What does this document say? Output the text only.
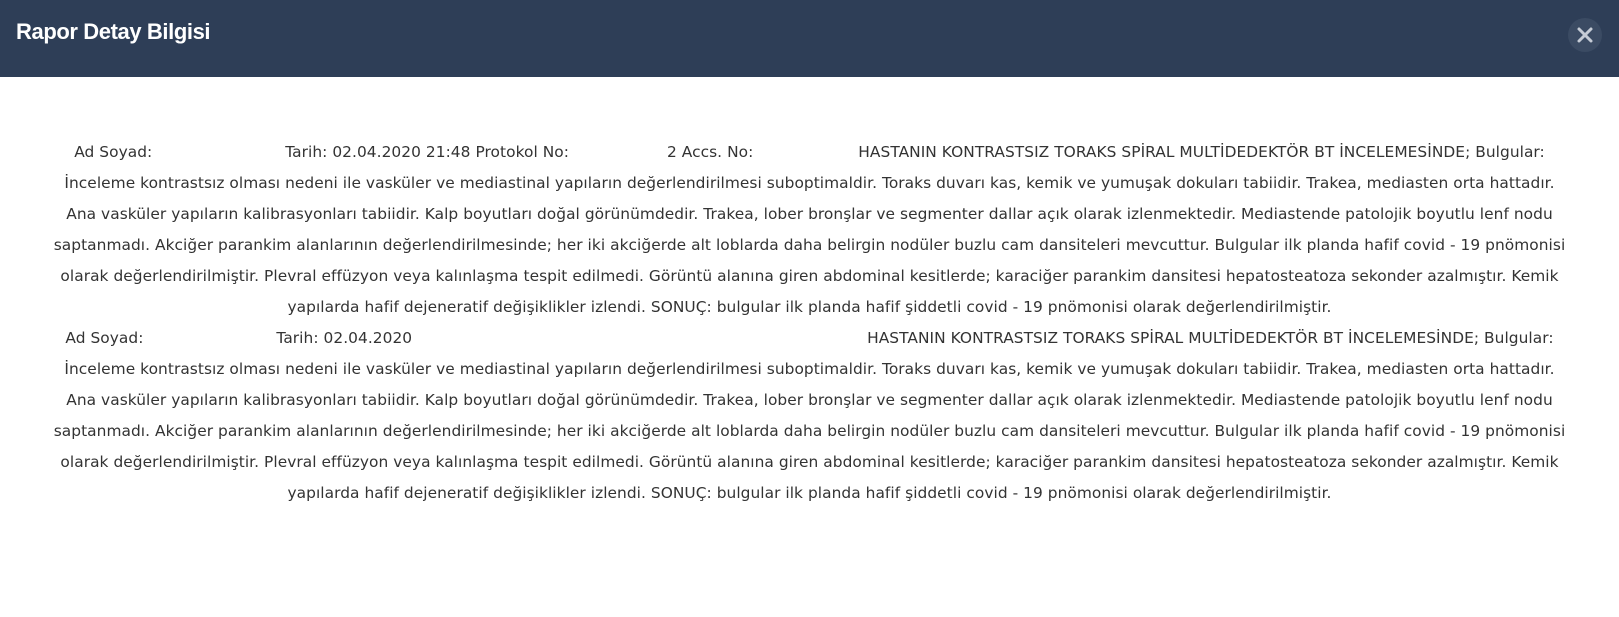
Rapor Detay Bilgisi

Ad Soyad:	Tarih: 02.04.2020 21:48 Protokol No:	2 Accs. No:	HASTANIN KONTRASTSIZ TORAKS SPİRAL MULTİDEDEKTÖR BT İNCELEMESİNDE; Bulgular: İnceleme kontrastsız olması nedeni ile vasküler ve mediastinal yapıların değerlendirilmesi suboptimaldir. Toraks duvarı kas, kemik ve yumuşak dokuları tabiidir. Trakea, mediasten orta hattadır. Ana vasküler yapıların kalibrasyonları tabiidir. Kalp boyutları doğal görünümdedir. Trakea, lober bronşlar ve segmenter dallar açık olarak izlenmektedir. Mediastende patolojik boyutlu lenf nodu saptanmadı. Akciğer parankim alanlarının değerlendirilmesinde; her iki akciğerde alt loblarda daha belirgin nodüler buzlu cam dansiteleri mevcuttur. Bulgular ilk planda hafif covid - 19 pnömonisi olarak değerlendirilmiştir. Plevral effüzyon veya kalınlaşma tespit edilmedi. Görüntü alanına giren abdominal kesitlerde; karaciğer parankim dansitesi hepatosteatoza sekonder azalmıştır. Kemik yapılarda hafif dejeneratif değişiklikler izlendi. SONUÇ: bulgular ilk planda hafif şiddetli covid - 19 pnömonisi olarak değerlendirilmiştir.

Ad Soyad:	Tarih: 02.04.2020	HASTANIN KONTRASTSIZ TORAKS SPİRAL MULTİDEDEKTÖR BT İNCELEMESİNDE; Bulgular: İnceleme kontrastsız olması nedeni ile vasküler ve mediastinal yapıların değerlendirilmesi suboptimaldir. Toraks duvarı kas, kemik ve yumuşak dokuları tabiidir. Trakea, mediasten orta hattadır. Ana vasküler yapıların kalibrasyonları tabiidir. Kalp boyutları doğal görünümdedir. Trakea, lober bronşlar ve segmenter dallar açık olarak izlenmektedir. Mediastende patolojik boyutlu lenf nodu saptanmadı. Akciğer parankim alanlarının değerlendirilmesinde; her iki akciğerde alt loblarda daha belirgin nodüler buzlu cam dansiteleri mevcuttur. Bulgular ilk planda hafif covid - 19 pnömonisi olarak değerlendirilmiştir. Plevral effüzyon veya kalınlaşma tespit edilmedi. Görüntü alanına giren abdominal kesitlerde; karaciğer parankim dansitesi hepatosteatoza sekonder azalmıştır. Kemik yapılarda hafif dejeneratif değişiklikler izlendi. SONUÇ: bulgular ilk planda hafif şiddetli covid - 19 pnömonisi olarak değerlendirilmiştir.
